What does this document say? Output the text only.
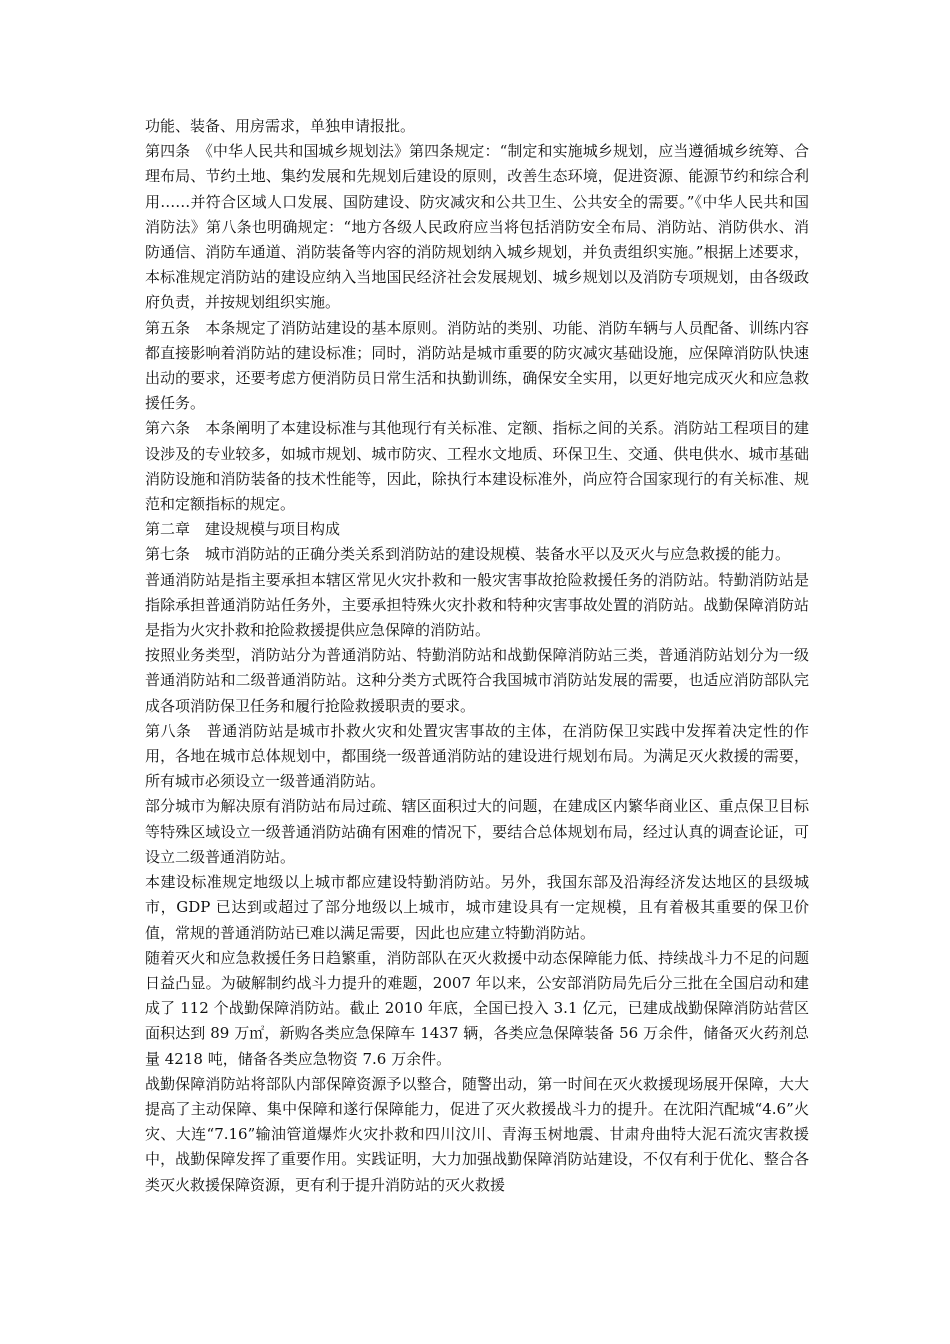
功能、装备、用房需求，单独申请报批。

第四条　《中华人民共和国城乡规划法》第四条规定：“制定和实施城乡规划，应当遵循城乡统筹、合理布局、节约土地、集约发展和先规划后建设的原则，改善生态环境，促进资源、能源节约和综合利用……并符合区域人口发展、国防建设、防灾减灾和公共卫生、公共安全的需要。”《中华人民共和国消防法》第八条也明确规定：“地方各级人民政府应当将包括消防安全布局、消防站、消防供水、消防通信、消防车通道、消防装备等内容的消防规划纳入城乡规划，并负责组织实施。”根据上述要求，本标准规定消防站的建设应纳入当地国民经济社会发展规划、城乡规划以及消防专项规划，由各级政府负责，并按规划组织实施。

第五条　本条规定了消防站建设的基本原则。消防站的类别、功能、消防车辆与人员配备、训练内容都直接影响着消防站的建设标准；同时，消防站是城市重要的防灾减灾基础设施，应保障消防队快速出动的要求，还要考虑方便消防员日常生活和执勤训练，确保安全实用，以更好地完成灭火和应急救援任务。

第六条　本条阐明了本建设标准与其他现行有关标准、定额、指标之间的关系。消防站工程项目的建设涉及的专业较多，如城市规划、城市防灾、工程水文地质、环保卫生、交通、供电供水、城市基础消防设施和消防装备的技术性能等，因此，除执行本建设标准外，尚应符合国家现行的有关标准、规范和定额指标的规定。

第二章　建设规模与项目构成

第七条　城市消防站的正确分类关系到消防站的建设规模、装备水平以及灭火与应急救援的能力。

普通消防站是指主要承担本辖区常见火灾扑救和一般灾害事故抢险救援任务的消防站。特勤消防站是指除承担普通消防站任务外，主要承担特殊火灾扑救和特种灾害事故处置的消防站。战勤保障消防站是指为火灾扑救和抢险救援提供应急保障的消防站。

按照业务类型，消防站分为普通消防站、特勤消防站和战勤保障消防站三类，普通消防站划分为一级普通消防站和二级普通消防站。这种分类方式既符合我国城市消防站发展的需要，也适应消防部队完成各项消防保卫任务和履行抢险救援职责的要求。

第八条　普通消防站是城市扑救火灾和处置灾害事故的主体，在消防保卫实践中发挥着决定性的作用，各地在城市总体规划中，都围绕一级普通消防站的建设进行规划布局。为满足灭火救援的需要，所有城市必须设立一级普通消防站。

部分城市为解决原有消防站布局过疏、辖区面积过大的问题，在建成区内繁华商业区、重点保卫目标等特殊区域设立一级普通消防站确有困难的情况下，要结合总体规划布局，经过认真的调查论证，可设立二级普通消防站。

本建设标准规定地级以上城市都应建设特勤消防站。另外，我国东部及沿海经济发达地区的县级城市，GDP 已达到或超过了部分地级以上城市，城市建设具有一定规模，且有着极其重要的保卫价值，常规的普通消防站已难以满足需要，因此也应建立特勤消防站。

随着灭火和应急救援任务日趋繁重，消防部队在灭火救援中动态保障能力低、持续战斗力不足的问题日益凸显。为破解制约战斗力提升的难题，2007 年以来，公安部消防局先后分三批在全国启动和建成了 112 个战勤保障消防站。截止 2010 年底，全国已投入 3.1 亿元，已建成战勤保障消防站营区面积达到 89 万㎡，新购各类应急保障车 1437 辆，各类应急保障装备 56 万余件，储备灭火药剂总量 4218 吨，储备各类应急物资 7.6 万余件。

战勤保障消防站将部队内部保障资源予以整合，随警出动，第一时间在灭火救援现场展开保障，大大提高了主动保障、集中保障和遂行保障能力，促进了灭火救援战斗力的提升。在沈阳汽配城“4.6”火灾、大连“7.16”输油管道爆炸火灾扑救和四川汶川、青海玉树地震、甘肃舟曲特大泥石流灾害救援中，战勤保障发挥了重要作用。实践证明，大力加强战勤保障消防站建设，不仅有利于优化、整合各类灭火救援保障资源，更有利于提升消防站的灭火救援
